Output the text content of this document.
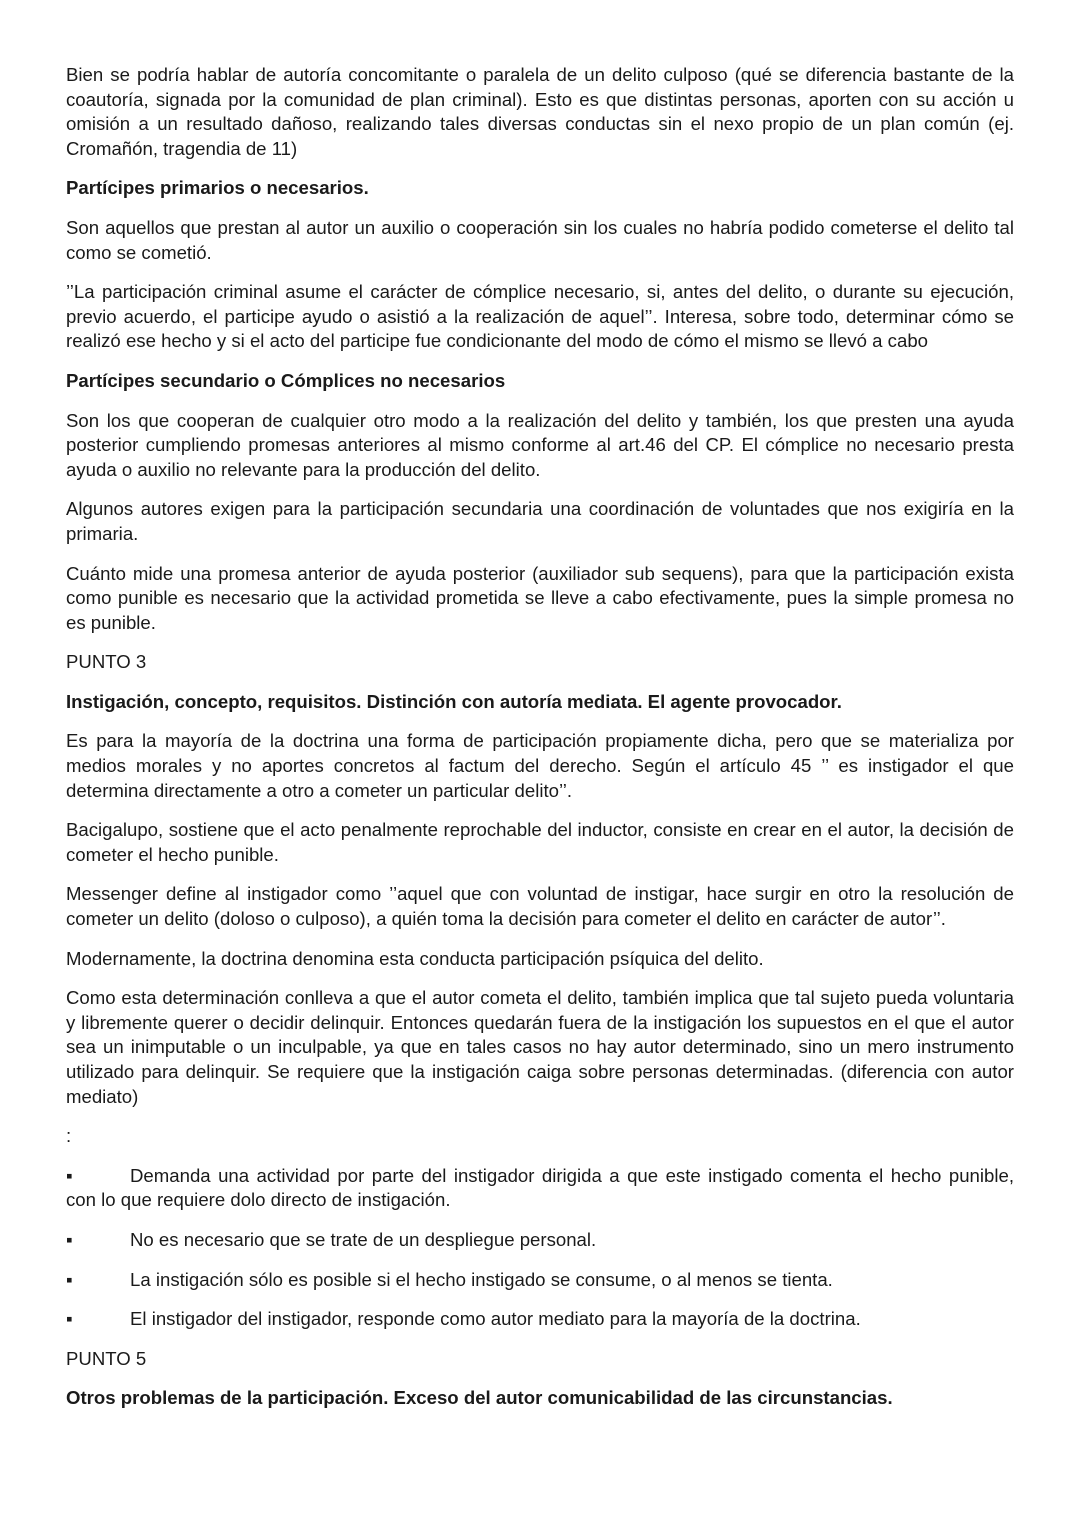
Bien se podría hablar de autoría concomitante o paralela de un delito culposo (qué se diferencia bastante de la coautoría, signada por la comunidad de plan criminal). Esto es que distintas personas, aporten con su acción u omisión a un resultado dañoso, realizando tales diversas conductas sin el nexo propio de un plan común (ej. Cromañón, tragendia de 11)

Partícipes primarios o necesarios.

Son aquellos que prestan al autor un auxilio o cooperación sin los cuales no habría podido cometerse el delito tal como se cometió.

’’La participación criminal asume el carácter de cómplice necesario, si, antes del delito, o durante su ejecución, previo acuerdo, el participe ayudo o asistió a la realización de aquel’’. Interesa, sobre todo, determinar cómo se realizó ese hecho y si el acto del participe fue condicionante del modo de cómo el mismo se llevó a cabo

Partícipes secundario o Cómplices no necesarios

Son los que cooperan de cualquier otro modo a la realización del delito y también, los que presten una ayuda posterior cumpliendo promesas anteriores al mismo conforme al art.46 del CP. El cómplice no necesario presta ayuda o auxilio no relevante para la producción del delito.

Algunos autores exigen para la participación secundaria una coordinación de voluntades que nos exigiría en la primaria.

Cuánto mide una promesa anterior de ayuda posterior (auxiliador sub sequens), para que la participación exista como punible es necesario que la actividad prometida se lleve a cabo efectivamente, pues la simple promesa no es punible.

PUNTO 3

Instigación, concepto, requisitos. Distinción con autoría mediata. El agente provocador.

Es para la mayoría de la doctrina una forma de participación propiamente dicha, pero que se materializa por medios morales y no aportes concretos al factum del derecho. Según el artículo 45 ’’ es instigador el que determina directamente a otro a cometer un particular delito’’.

Bacigalupo, sostiene que el acto penalmente reprochable del inductor, consiste en crear en el autor, la decisión de cometer el hecho punible.

Messenger define al instigador como ’’aquel que con voluntad de instigar, hace surgir en otro la resolución de cometer un delito (doloso o culposo), a quién toma la decisión para cometer el delito en carácter de autor’’.

Modernamente, la doctrina denomina esta conducta participación psíquica del delito.

Como esta determinación conlleva a que el autor cometa el delito, también implica que tal sujeto pueda voluntaria y libremente querer o decidir delinquir. Entonces quedarán fuera de la instigación los supuestos en el que el autor sea un inimputable o un inculpable, ya que en tales casos no hay autor determinado, sino un mero instrumento utilizado para delinquir. Se requiere que la instigación caiga sobre personas determinadas. (diferencia con autor mediato)

:

▪	Demanda una actividad por parte del instigador dirigida a que este instigado comenta el hecho punible, con lo que requiere dolo directo de instigación.
▪	No es necesario que se trate de un despliegue personal.
▪	La instigación sólo es posible si el hecho instigado se consume, o al menos se tienta.
▪	El instigador del instigador, responde como autor mediato para la mayoría de la doctrina.

PUNTO 5

Otros problemas de la participación. Exceso del autor comunicabilidad de las circunstancias.
